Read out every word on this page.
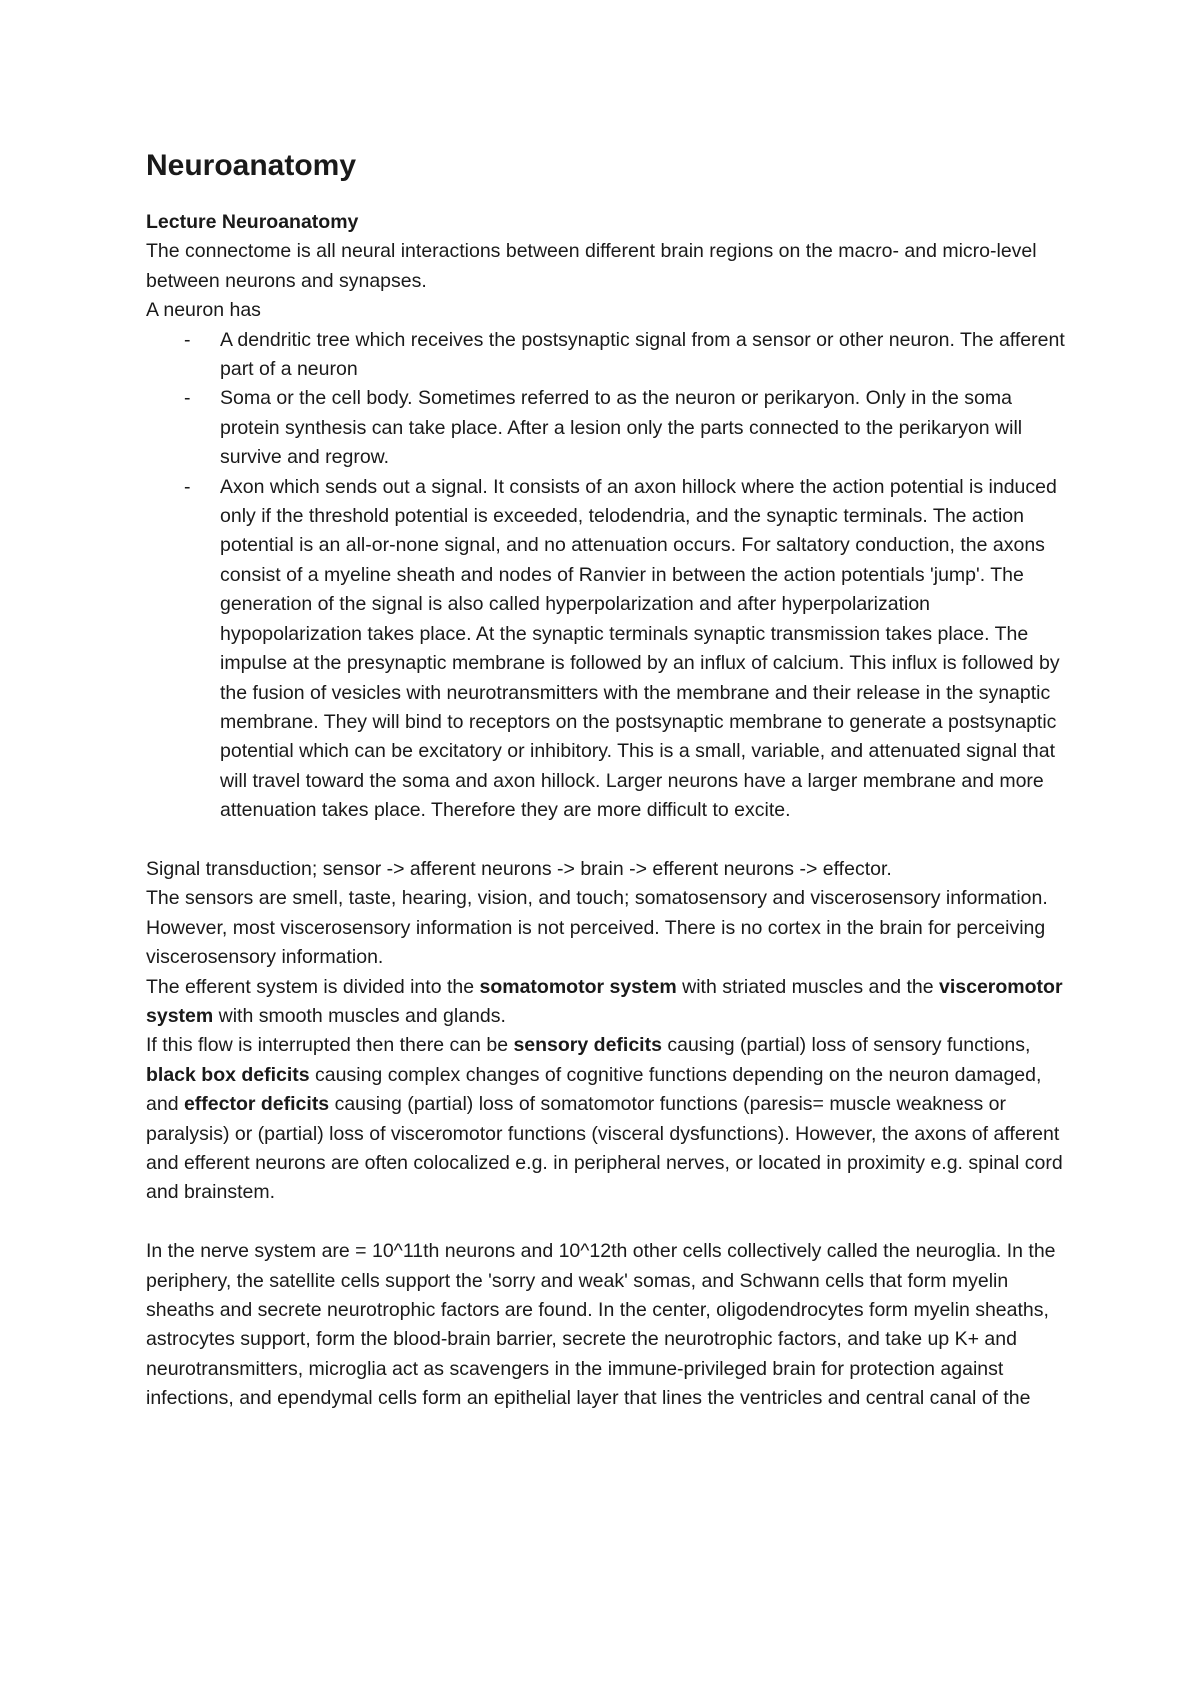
Neuroanatomy

Lecture Neuroanatomy

The connectome is all neural interactions between different brain regions on the macro- and micro-level between neurons and synapses.

A neuron has

- A dendritic tree which receives the postsynaptic signal from a sensor or other neuron. The afferent part of a neuron
- Soma or the cell body. Sometimes referred to as the neuron or perikaryon. Only in the soma protein synthesis can take place. After a lesion only the parts connected to the perikaryon will survive and regrow.
- Axon which sends out a signal. It consists of an axon hillock where the action potential is induced only if the threshold potential is exceeded, telodendria, and the synaptic terminals. The action potential is an all-or-none signal, and no attenuation occurs. For saltatory conduction, the axons consist of a myeline sheath and nodes of Ranvier in between the action potentials 'jump'. The generation of the signal is also called hyperpolarization and after hyperpolarization hypopolarization takes place. At the synaptic terminals synaptic transmission takes place. The impulse at the presynaptic membrane is followed by an influx of calcium. This influx is followed by the fusion of vesicles with neurotransmitters with the membrane and their release in the synaptic membrane. They will bind to receptors on the postsynaptic membrane to generate a postsynaptic potential which can be excitatory or inhibitory. This is a small, variable, and attenuated signal that will travel toward the soma and axon hillock. Larger neurons have a larger membrane and more attenuation takes place. Therefore they are more difficult to excite.

Signal transduction; sensor -> afferent neurons -> brain -> efferent neurons -> effector.

The sensors are smell, taste, hearing, vision, and touch; somatosensory and viscerosensory information. However, most viscerosensory information is not perceived. There is no cortex in the brain for perceiving viscerosensory information.

The efferent system is divided into the somatomotor system with striated muscles and the visceromotor system with smooth muscles and glands.

If this flow is interrupted then there can be sensory deficits causing (partial) loss of sensory functions, black box deficits causing complex changes of cognitive functions depending on the neuron damaged, and effector deficits causing (partial) loss of somatomotor functions (paresis= muscle weakness or paralysis) or (partial) loss of visceromotor functions (visceral dysfunctions). However, the axons of afferent and efferent neurons are often colocalized e.g. in peripheral nerves, or located in proximity e.g. spinal cord and brainstem.

In the nerve system are = 10^11th neurons and 10^12th other cells collectively called the neuroglia. In the periphery, the satellite cells support the 'sorry and weak' somas, and Schwann cells that form myelin sheaths and secrete neurotrophic factors are found. In the center, oligodendrocytes form myelin sheaths, astrocytes support, form the blood-brain barrier, secrete the neurotrophic factors, and take up K+ and neurotransmitters, microglia act as scavengers in the immune-privileged brain for protection against infections, and ependymal cells form an epithelial layer that lines the ventricles and central canal of the
